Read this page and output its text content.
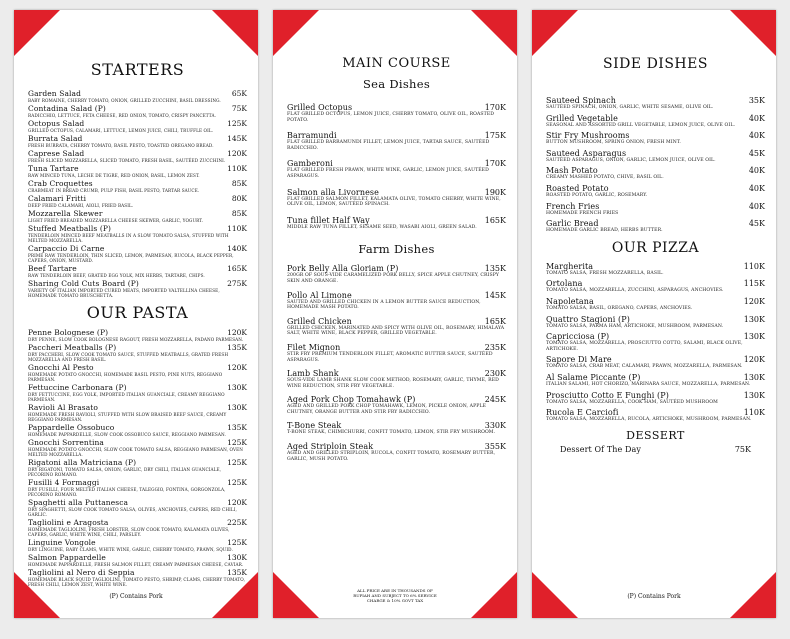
STARTERS
Garden Salad	65K
BABY ROMAINE, CHERRY TOMATO, ONION, GRILLED ZUCCHINI, BASIL DRESSING.
Contadina Salad (P)	75K
RADICCHIO, LETTUCE, FETA CHEESE, RED ONION, TOMATO, CRISPY PANCETTA.
Octopus Salad	125K
GRILLED OCTOPUS, CALAMARI, LETTUCE, LEMON JUICE, CHILI, TRUFFLE OIL.
Burrata Salad	145K
FRESH BURRATA, CHERRY TOMATO, BASIL PESTO, TOASTED OREGANO BREAD.
Caprese Salad	120K
FRESH SLICED MOZZARELLA, SLICED TOMATO, FRESH BASIL, SAUTÉED ZUCCHINI.
Tuna Tartare	110K
RAW MINCED TUNA, LECHE DE TIGRE, RED ONION, BASIL, LEMON ZEST.
Crab Croquettes	85K
CRABMEAT IN BREAD CRUMB, PULP FISH, BASIL PESTO, TARTAR SAUCE.
Calamari Fritti	80K
DEEP FRIED CALAMARI, AIOLI, FRIED BASIL.
Mozzarella Skewer	85K
LIGHT FRIED BREADED MOZZARELLA CHEESE SKEWER, GARLIC, YOGURT.
Stuffed Meatballs (P)	110K
TENDERLOIN MINCED BEEF MEATBALLS IN A SLOW TOMATO SALSA, STUFFED WITH MELTED MOZZARELLA.
Carpaccio Di Carne	140K
PRIME RAW TENDERLOIN, THIN SLICED, LEMON, PARMESAN, RUCOLA, BLACK PEPPER, CAPERS, ONION, MUSTARD.
Beef Tartare	165K
RAW TENDERLOIN BEEF, GRATED EGG YOLK, MIX HERBS, TARTARE, CHIPS.
Sharing Cold Cuts Board (P)	275K
VARIETY OF ITALIAN IMPORTED CURED MEATS, IMPORTED VALTELLINA CHEESE, HOMEMADE TOMATO BRUSCHETTA.
OUR PASTA
Penne Bolognese (P)	120K
DRY PENNE, SLOW COOK BOLOGNESE RAGOUT, FRESH MOZZARELLA, PADANO PARMESAN.
Paccheri Meatballs (P)	135K
DRY PACCHERI, SLOW COOK TOMATO SAUCE, STUFFED MEATBALLS, GRATED FRESH MOZZARELLA AND FRESH BASIL.
Gnocchi Al Pesto	120K
HOMEMADE POTATO GNOCCHI, HOMEMADE BASIL PESTO, PINE NUTS, REGGIANO PARMESAN.
Fettuccine Carbonara (P)	130K
DRY FETTUCCINE, EGG YOLK, IMPORTED ITALIAN GUANCIALE, CREAMY REGGIANO PARMESAN.
Ravioli Al Brasato	130K
HOMEMADE FRESH RAVIOLI, STUFFED WITH SLOW BRAISED BEEF SAUCE, CREAMY REGGIANO PARMESAN.
Pappardelle Ossobuco	135K
HOMEMADE PAPPARDELLE, SLOW COOK OSSOBUCO SAUCE, REGGIANO PARMESAN.
Gnocchi Sorrentina	125K
HOMEMADE POTATO GNOCCHI, SLOW COOK TOMATO SALSA, REGGIANO PARMESAN, OVEN MELTED MOZZARELLA.
Rigatoni alla Matriciana (P)	125K
DRY RIGATONI, TOMATO SALSA, ONION, GARLIC, DRY CHILI, ITALIAN GUANCIALE, PECORINO ROMANO.
Fusilli 4 Formaggi	125K
DRY FUSILLI, FOUR MELTED ITALIAN CHEESE, TALEGGIO, FONTINA, GORGONZOLA, PECORINO ROMANO.
Spaghetti alla Puttanesca	120K
DRY SPAGHETTI, SLOW COOK TOMATO SALSA, OLIVES, ANCHOVIES, CAPERS, RED CHILI, GARLIC.
Tagliolini e Aragosta	225K
HOMEMADE TAGLIOLINI, FRESH LOBSTER, SLOW COOK TOMATO, KALAMATA OLIVES, CAPERS, GARLIC, WHITE WINE, CHILI, PARSLEY.
Linguine Vongole	125K
DRY LINGUINE, BABY CLAMS, WHITE WINE, GARLIC, CHERRY TOMATO, PRAWN, SQUID.
Salmon Pappardelle	130K
HOMEMADE PAPPARDELLE, FRESH SALMON FILLET, CREAMY PARMESAN CHEESE, CAVIAR.
Tagliolini al Nero di Seppia	135K
HOMEMADE BLACK SQUID TAGLIOLINI, TOMATO PESTO, SHRIMP, CLAMS, CHERRY TOMATO, FRESH CHILI, LEMON ZEST, WHITE WINE.
(P) Contains Pork
MAIN COURSE
Sea Dishes
Grilled Octopus	170K
FLAT GRILLED OCTOPUS, LEMON JUICE, CHERRY TOMATO, OLIVE OIL, ROASTED POTATO.
Barramundi	175K
FLAT GRILLED BARRAMUNDI FILLET, LEMON JUICE, TARTAR SAUCE, SAUTÉED RADICCHIO.
Gamberoni	170K
FLAT GRILLED FRESH PRAWN, WHITE WINE, GARLIC, LEMON JUICE, SAUTÉED ASPARAGUS.
Salmon alla Livornese	190K
FLAT GRILLED SALMON FILLET, KALAMATA OLIVE, TOMATO CHERRY, WHITE WINE, OLIVE OIL, LEMON, SAUTÉED SPINACH.
Tuna fillet Half Way	165K
MIDDLE RAW TUNA FILLET, SESAME SEED, WASABI AIOLI, GREEN SALAD.
Farm Dishes
Pork Belly Alla Gloriam (P)	135K
200GR OF SOUS-VIDE CARAMELIZED PORK BELLY, SPICE APPLE CHUTNEY, CRISPY SKIN AND ORANGE.
Pollo Al Limone	145K
SAUTED AND GRILLED CHICKEN IN A LEMON BUTTER SAUCE REDUCTION, HOMEMADE MASH POTATO.
Grilled Chicken	165K
GRILLED CHICKEN, MARINATED AND SPICY WITH OLIVE OIL, ROSEMARY, HIMALAYA SALT, WHITE WINE, BLACK PEPPER, GRILLED VEGETABLE.
Filet Mignon	235K
STIR FRY PREMIUM TENDERLOIN FILLET, AROMATIC BUTTER SAUCE, SAUTÉED ASPARAGUS.
Lamb Shank	230K
SOUS-VIDE LAMB SHANK SLOW COOK METHOD, ROSEMARY, GARLIC, THYME, RED WINE REDUCTION, STIR FRY VEGETABLE.
Aged Pork Chop Tomahawk (P)	245K
AGED AND GRILLED PORK CHOP TOMAHAWK, LEMON, PICKLE ONION, APPLE CHUTNEY, ORANGE BUTTER AND STIR FRY RADICCHIO.
T-Bone Steak	330K
T-BONE STEAK, CHIMICHURRI, CONFIT TOMATO, LEMON, STIR FRY MUSHROOM.
Aged Striploin Steak	355K
AGED AND GRILLED STRIPLOIN, RUCOLA, CONFIT TOMATO, ROSEMARY BUTTER, GARLIC, MUSH POTATO.
ALL PRICE ARE IN THOUSANDS OF RUPIAH AND SUBJECT TO 6% SERVICE CHARGE & 10% GOVT TAX
SIDE DISHES
Sauteed Spinach	35K
SAUTÉED SPINACH, ONION, GARLIC, WHITE SESAME, OLIVE OIL.
Grilled Vegetable	40K
SEASONAL AND ASSORTED GRILL VEGETABLE, LEMON JUICE, OLIVE OIL.
Stir Fry Mushrooms	40K
BUTTON MUSHROOM, SPRING ONION, FRESH MINT.
Sauteed Asparagus	45K
SAUTÉED ASPARAGUS, ONION, GARLIC, LEMON JUICE, OLIVE OIL.
Mash Potato	40K
CREAMY MASHED POTATO, CHIVE, BASIL OIL.
Roasted Potato	40K
ROASTED POTATO, GARLIC, ROSEMARY.
French Fries	40K
HOMEMADE FRENCH FRIES
Garlic Bread	45K
HOMEMADE GARLIC BREAD, HERBS BUTTER.
OUR PIZZA
Margherita	110K
TOMATO SALSA, FRESH MOZZARELLA, BASIL.
Ortolana	115K
TOMATO SALSA, MOZZARELLA, ZUCCHINI, ASPARAGUS, ANCHOVIES.
Napoletana	120K
TOMATO SALSA, BASIL, OREGANO, CAPERS, ANCHOVIES.
Quattro Stagioni (P)	130K
TOMATO SALSA, PARMA HAM, ARTICHOKE, MUSHROOM, PARMESAN.
Capricciosa (P)	130K
TOMATO SALSA, MOZZARELLA, PROSCIUTTO COTTO, SALAMI, BLACK OLIVE, ARTICHOKE.
Sapore Di Mare	120K
TOMATO SALSA, CRAB MEAT, CALAMARI, PRAWN, MOZZARELLA, PARMESAN.
Al Salame Piccante (P)	130K
ITALIAN SALAMI, HOT CHORIZO, MARINARA SAUCE, MOZZARELLA, PARMESAN.
Prosciutto Cotto E Funghi (P)	130K
TOMATO SALSA, MOZZARELLA, COOK HAM, SAUTÉED MUSHROOM
Rucola E Carciofi	110K
TOMATO SALSA, MOZZARELLA, RUCOLA, ARTICHOKE, MUSHROOM, PARMESAN.
DESSERT
Dessert Of The Day	75K
(P) Contains Pork
